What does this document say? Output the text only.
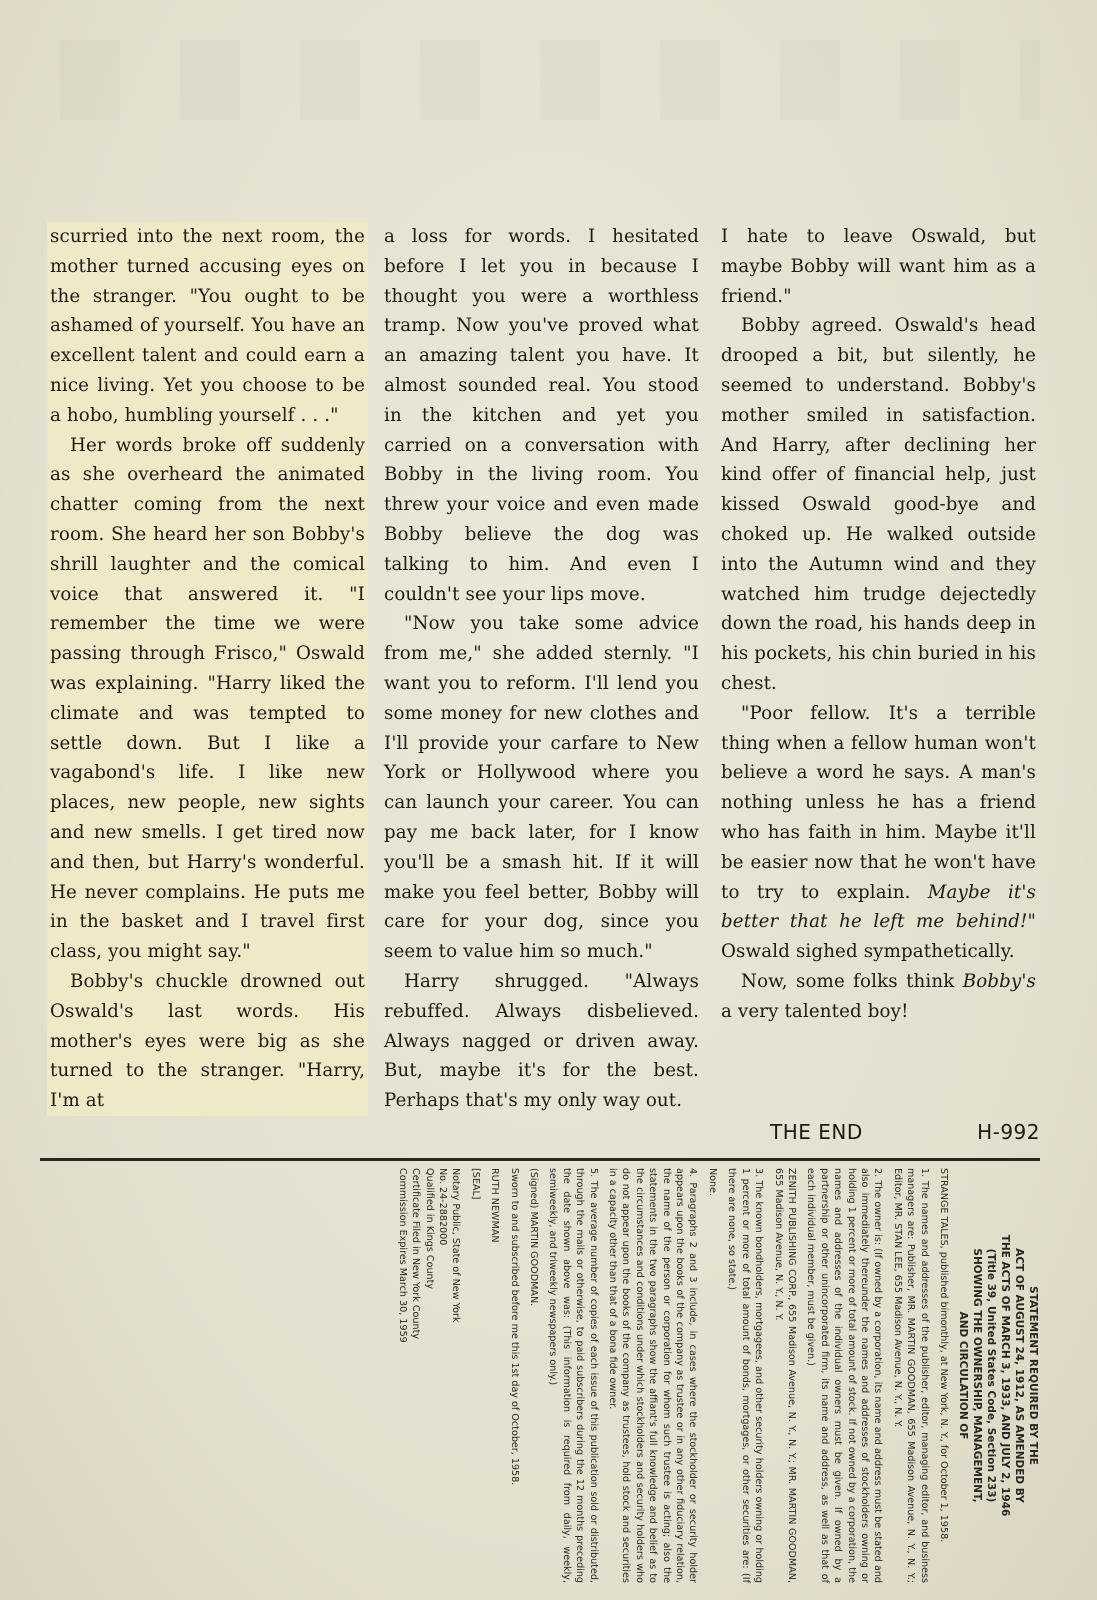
scurried into the next room, the mother turned accusing eyes on the stranger. "You ought to be ashamed of yourself. You have an excellent talent and could earn a nice living. Yet you choose to be a hobo, humbling yourself . . ."

Her words broke off suddenly as she overheard the animated chatter coming from the next room. She heard her son Bobby's shrill laughter and the comical voice that answered it. "I remember the time we were passing through Frisco," Oswald was explaining. "Harry liked the climate and was tempted to settle down. But I like a vagabond's life. I like new places, new people, new sights and new smells. I get tired now and then, but Harry's wonderful. He never complains. He puts me in the basket and I travel first class, you might say."

Bobby's chuckle drowned out Oswald's last words. His mother's eyes were big as she turned to the stranger. "Harry, I'm at

a loss for words. I hesitated before I let you in because I thought you were a worthless tramp. Now you've proved what an amazing talent you have. It almost sounded real. You stood in the kitchen and yet you carried on a conversation with Bobby in the living room. You threw your voice and even made Bobby believe the dog was talking to him. And even I couldn't see your lips move.

"Now you take some advice from me," she added sternly. "I want you to reform. I'll lend you some money for new clothes and I'll provide your carfare to New York or Hollywood where you can launch your career. You can pay me back later, for I know you'll be a smash hit. If it will make you feel better, Bobby will care for your dog, since you seem to value him so much."

Harry shrugged. "Always rebuffed. Always disbelieved. Always nagged or driven away. But, maybe it's for the best. Perhaps that's my only way out.

I hate to leave Oswald, but maybe Bobby will want him as a friend."

Bobby agreed. Oswald's head drooped a bit, but silently, he seemed to understand. Bobby's mother smiled in satisfaction. And Harry, after declining her kind offer of financial help, just kissed Oswald good-bye and choked up. He walked outside into the Autumn wind and they watched him trudge dejectedly down the road, his hands deep in his pockets, his chin buried in his chest.

"Poor fellow. It's a terrible thing when a fellow human won't believe a word he says. A man's nothing unless he has a friend who has faith in him. Maybe it'll be easier now that he won't have to try to explain. Maybe it's better that he left me behind!" Oswald sighed sympathetically.

Now, some folks think Bobby's a very talented boy!

THE END	H-992
STATEMENT REQUIRED BY THE
ACT OF AUGUST 24, 1912, AS AMENDED BY
THE ACTS OF MARCH 3, 1933, AND JULY 2, 1946
(Title 39, United States Code, Section 233)
SHOWING THE OWNERSHIP, MANAGEMENT,
AND CIRCULATION OF

STRANGE TALES, published bimonthly, at New York, N. Y., for October 1, 1958.

1. The names and addresses of the publisher, editor, managing editor, and business managers are: Publisher, MR. MARTIN GOODMAN, 655 Madison Avenue, N. Y., N. Y.; Editor, MR. STAN LEE, 655 Madison Avenue, N. Y., N. Y.

2. The owner is: (If owned by a corporation, its name and address must be stated and also immediately thereunder the names and addresses of stockholders owning or holding 1 percent or more of total amount of stock. If not owned by a corporation, the names and addresses of the individual owners must be given. If owned by a partnership or other unincorporated firm, its name and address, as well as that of each individual member, must be given.)

ZENITH PUBLISHING CORP., 655 Madison Avenue, N. Y., N. Y.; MR. MARTIN GOODMAN, 655 Madison Avenue, N. Y., N. Y.

3. The known bondholders, mortgagees, and other security holders owning or holding 1 percent or more of total amount of bonds, mortgages, or other securities are: (If there are none, so state.)

None.

4. Paragraphs 2 and 3 include, in cases where the stockholder or security holder appears upon the books of the company as trustee or in any other fiduciary relation, the name of the person or corporation for whom such trustee is acting; also the statements in the two paragraphs show the affiant's full knowledge and belief as to the circumstances and conditions under which stockholders and security holders who do not appear upon the books of the company as trustees, hold stock and securities in a capacity other than that of a bona fide owner.

5. The average number of copies of each issue of this publication sold or distributed, through the mails or otherwise, to paid subscribers during the 12 months preceding the date shown above was: (This information is required from daily, weekly, semiweekly, and triweekly newspapers only.)

(Signed) MARTIN GOODMAN.

Sworn to and subscribed before me this 1st day of October, 1958.

RUTH NEWMAN

[SEAL]

Notary Public, State of New York
No. 24-2882000
Qualified in Kings County
Certificate Filed in New York County
Commission Expires March 30, 1959
